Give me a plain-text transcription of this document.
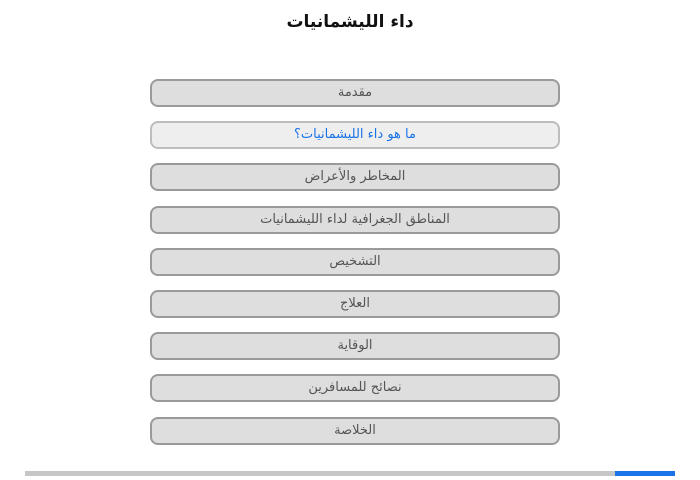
داء الليشمانيات
مقدمة
ما هو داء الليشمانيات؟
المخاطر والأعراض
المناطق الجغرافية لداء الليشمانيات
التشخيص
العلاج
الوقاية
نصائح للمسافرين
الخلاصة
